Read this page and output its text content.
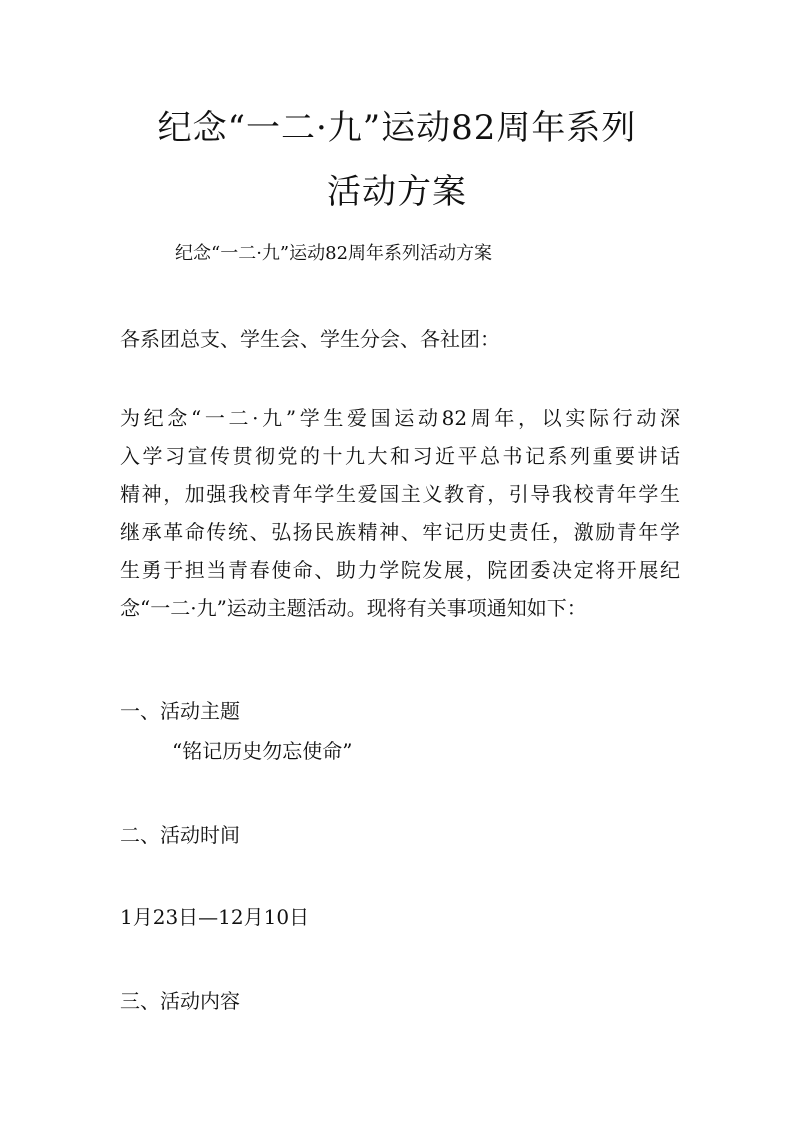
纪念“一二·九”运动82周年系列
活动方案
纪念“一二·九”运动82周年系列活动方案
各系团总支、学生会、学生分会、各社团：
为纪念“一二·九”学生爱国运动82周年，以实际行动深
入学习宣传贯彻党的十九大和习近平总书记系列重要讲话
精神，加强我校青年学生爱国主义教育，引导我校青年学生
继承革命传统、弘扬民族精神、牢记历史责任，激励青年学
生勇于担当青春使命、助力学院发展，院团委决定将开展纪
念“一二·九”运动主题活动。现将有关事项通知如下：
一、活动主题
“铭记历史勿忘使命”
二、活动时间
1月23日—12月10日
三、活动内容
